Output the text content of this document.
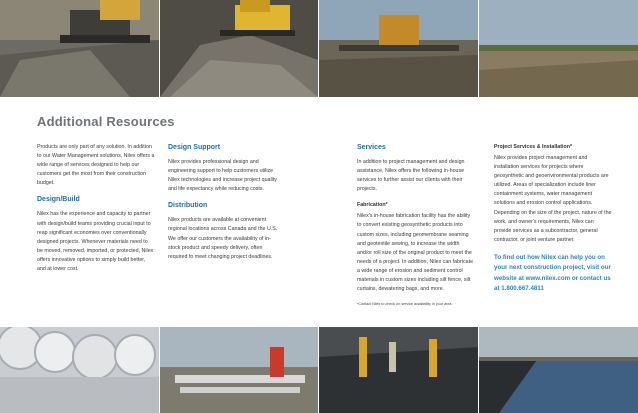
Additional Resources

Products are only part of any solution. In addition to our Water Management solutions, Nilex offers a wide range of services designed to help our customers get the most from their construction budget.

Design/Build

Nilex has the experience and capacity to partner with design/build teams providing crucial input to reap significant economies over conventionally designed projects. Whenever materials need to be moved, removed, imported, or protected, Nilex offers innovative options to simply build better, and at lower cost.

Design Support

Nilex provides professional design and engineering support to help customers utilize Nilex technologies and increase project quality and life expectancy while reducing costs.

Distribution

Nilex products are available at convenient regional locations across Canada and the U.S. We offer our customers the availability of in-stock product and speedy delivery, often required to meet changing project deadlines.

Services

In addition to project management and design assistance, Nilex offers the following in-house services to further assist our clients with their projects.

Fabrication*

Nilex's in-house fabrication facility has the ability to convert existing geosynthetic products into custom sizes, including geomembrane seaming and geotextile sewing, to increase the width and/or roll size of the original product to meet the needs of a project. In addition, Nilex can fabricate a wide range of erosion and sediment control materials in custom sizes including silt fence, silt curtains, dewatering bags, and more.

*Contact Nilex to check on service availability in your area.
Project Services & Installation*

Nilex provides project management and installation services for projects where geosynthetic and geoenvironmental products are utilized. Areas of specialization include liner containment systems, water management solutions and erosion control applications. Depending on the size of the project, nature of the work, and owner's requirements, Nilex can provide services as a subcontractor, general contractor, or joint venture partner.

To find out how Nilex can help you on your next construction project, visit our website at www.nilex.com or contact us at 1.800.667.4811
